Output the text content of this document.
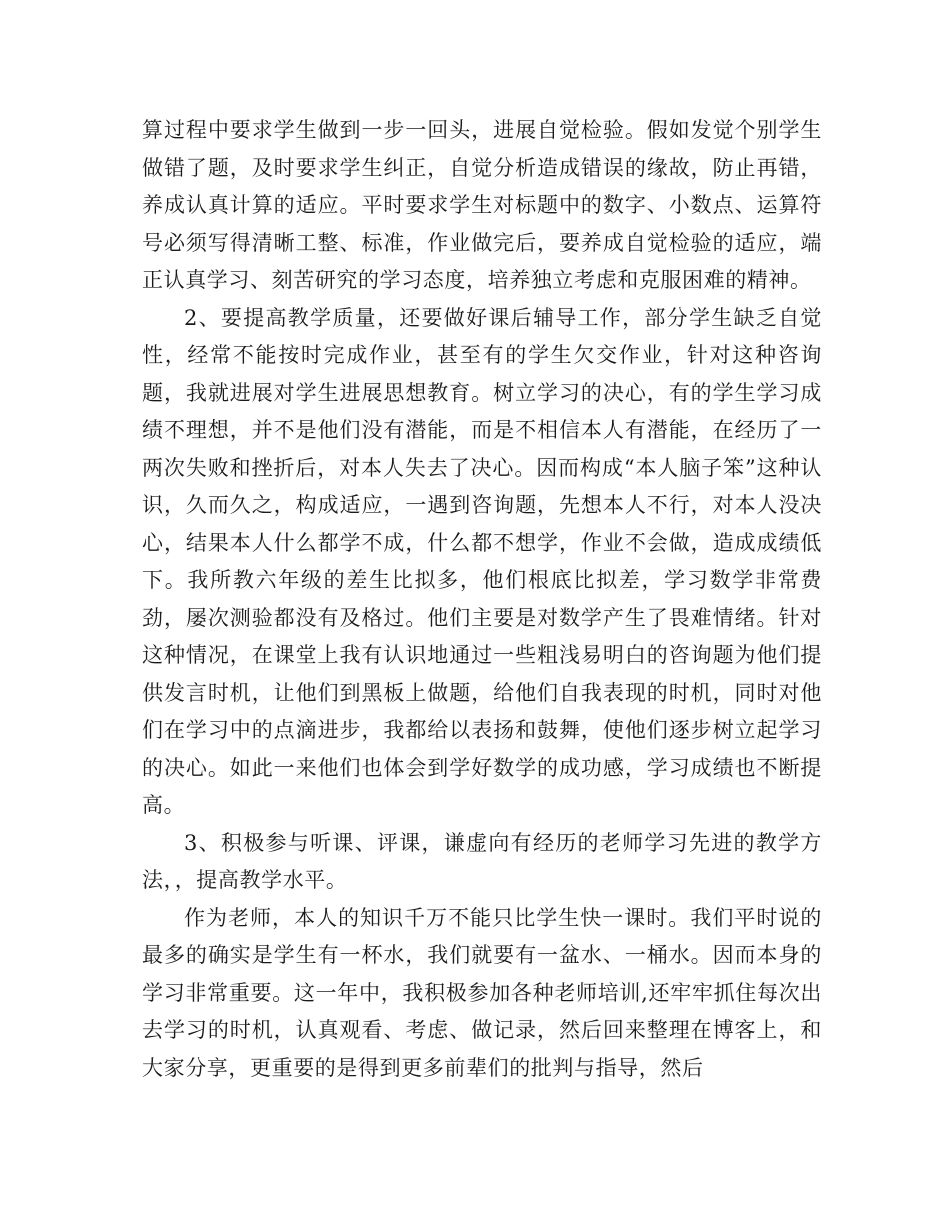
算过程中要求学生做到一步一回头，进展自觉检验。假如发觉个别学生做错了题，及时要求学生纠正，自觉分析造成错误的缘故，防止再错，养成认真计算的适应。平时要求学生对标题中的数字、小数点、运算符号必须写得清晰工整、标准，作业做完后，要养成自觉检验的适应，端正认真学习、刻苦研究的学习态度，培养独立考虑和克服困难的精神。

2、要提高教学质量，还要做好课后辅导工作，部分学生缺乏自觉性，经常不能按时完成作业，甚至有的学生欠交作业，针对这种咨询题，我就进展对学生进展思想教育。树立学习的决心，有的学生学习成绩不理想，并不是他们没有潜能，而是不相信本人有潜能，在经历了一两次失败和挫折后，对本人失去了决心。因而构成“本人脑子笨”这种认识，久而久之，构成适应，一遇到咨询题，先想本人不行，对本人没决心，结果本人什么都学不成，什么都不想学，作业不会做，造成成绩低下。我所教六年级的差生比拟多，他们根底比拟差，学习数学非常费劲，屡次测验都没有及格过。他们主要是对数学产生了畏难情绪。针对这种情况，在课堂上我有认识地通过一些粗浅易明白的咨询题为他们提供发言时机，让他们到黑板上做题，给他们自我表现的时机，同时对他们在学习中的点滴进步，我都给以表扬和鼓舞，使他们逐步树立起学习的决心。如此一来他们也体会到学好数学的成功感，学习成绩也不断提高。

3、积极参与听课、评课，谦虚向有经历的老师学习先进的教学方法，，提高教学水平。

作为老师，本人的知识千万不能只比学生快一课时。我们平时说的最多的确实是学生有一杯水，我们就要有一盆水、一桶水。因而本身的学习非常重要。这一年中，我积极参加各种老师培训,还牢牢抓住每次出去学习的时机，认真观看、考虑、做记录，然后回来整理在博客上，和大家分享，更重要的是得到更多前辈们的批判与指导，然后
